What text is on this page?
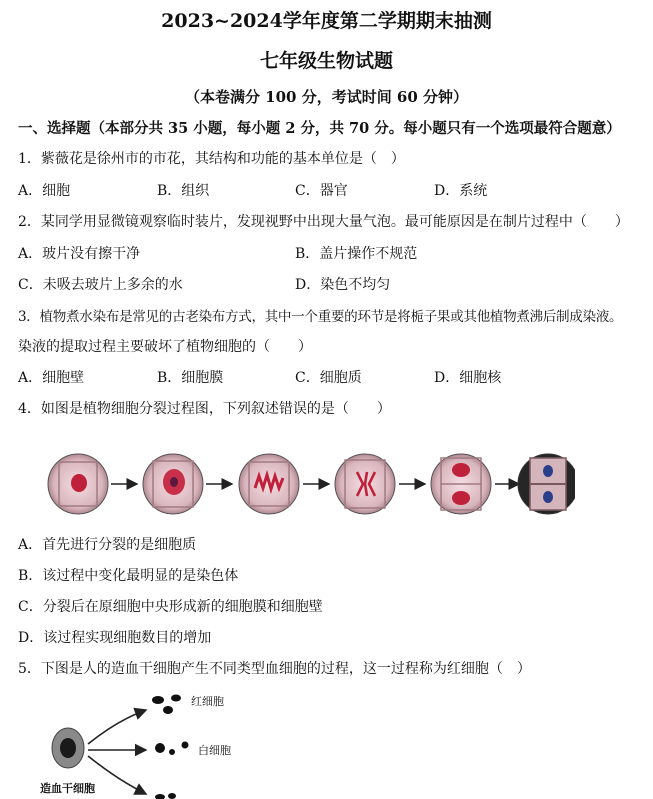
2023~2024学年度第二学期期末抽测
七年级生物试题
（本卷满分 100 分，考试时间 60 分钟）
一、选择题（本部分共 35 小题，每小题 2 分，共 70 分。每小题只有一个选项最符合题意）
1．紫薇花是徐州市的市花，其结构和功能的基本单位是（　）
A．细胞	B．组织	C．器官	D．系统
2．某同学用显微镜观察临时装片，发现视野中出现大量气泡。最可能原因是在制片过程中（　　）
A．玻片没有擦干净	B．盖片操作不规范
C．未吸去玻片上多余的水	D．染色不均匀
3．植物煮水染布是常见的古老染布方式，其中一个重要的环节是将栀子果或其他植物煮沸后制成染液。
染液的提取过程主要破坏了植物细胞的（　　）
A．细胞壁	B．细胞膜	C．细胞质	D．细胞核
4．如图是植物细胞分裂过程图，下列叙述错误的是（　　）
A．首先进行分裂的是细胞质
B．该过程中变化最明显的是染色体
C．分裂后在原细胞中央形成新的细胞膜和细胞壁
D．该过程实现细胞数目的增加
5．下图是人的造血干细胞产生不同类型血细胞的过程，这一过程称为红细胞（　）
红细胞
白细胞
造血干细胞
